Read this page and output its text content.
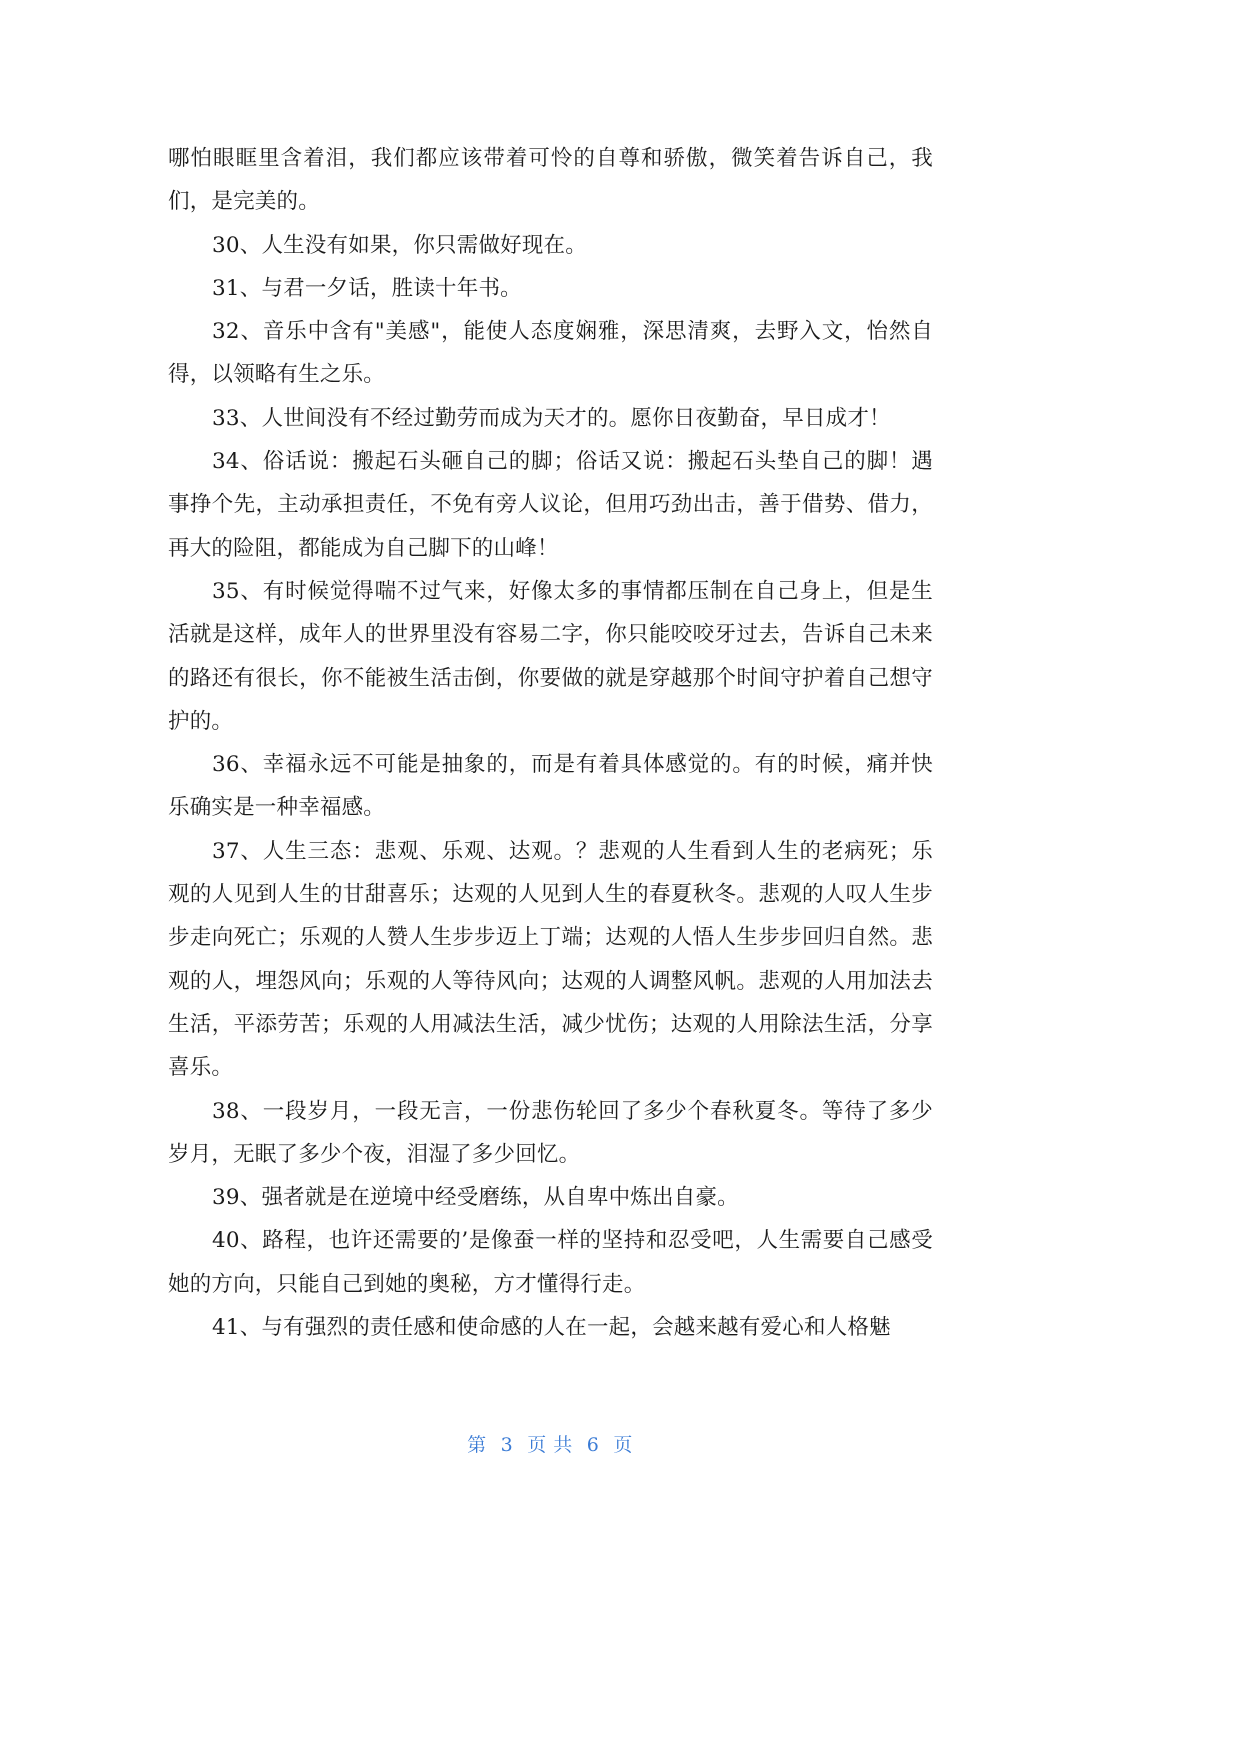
哪怕眼眶里含着泪，我们都应该带着可怜的自尊和骄傲，微笑着告诉自己，我们，是完美的。

30、人生没有如果，你只需做好现在。

31、与君一夕话，胜读十年书。

32、音乐中含有"美感"，能使人态度娴雅，深思清爽，去野入文，怡然自得，以领略有生之乐。

33、人世间没有不经过勤劳而成为天才的。愿你日夜勤奋，早日成才！

34、俗话说：搬起石头砸自己的脚；俗话又说：搬起石头垫自己的脚！遇事挣个先，主动承担责任，不免有旁人议论，但用巧劲出击，善于借势、借力，再大的险阻，都能成为自己脚下的山峰！

35、有时候觉得喘不过气来，好像太多的事情都压制在自己身上，但是生活就是这样，成年人的世界里没有容易二字，你只能咬咬牙过去，告诉自己未来的路还有很长，你不能被生活击倒，你要做的就是穿越那个时间守护着自己想守护的。

36、幸福永远不可能是抽象的，而是有着具体感觉的。有的时候，痛并快乐确实是一种幸福感。

37、人生三态：悲观、乐观、达观。？悲观的人生看到人生的老病死；乐观的人见到人生的甘甜喜乐；达观的人见到人生的春夏秋冬。悲观的人叹人生步步走向死亡；乐观的人赞人生步步迈上丁端；达观的人悟人生步步回归自然。悲观的人，埋怨风向；乐观的人等待风向；达观的人调整风帆。悲观的人用加法去生活，平添劳苦；乐观的人用减法生活，减少忧伤；达观的人用除法生活，分享喜乐。

38、一段岁月，一段无言，一份悲伤轮回了多少个春秋夏冬。等待了多少岁月，无眠了多少个夜，泪湿了多少回忆。

39、强者就是在逆境中经受磨练，从自卑中炼出自豪。

40、路程，也许还需要的’是像蚕一样的坚持和忍受吧，人生需要自己感受她的方向，只能自己到她的奥秘，方才懂得行走。

41、与有强烈的责任感和使命感的人在一起，会越来越有爱心和人格魅

第 3 页 共 6 页
